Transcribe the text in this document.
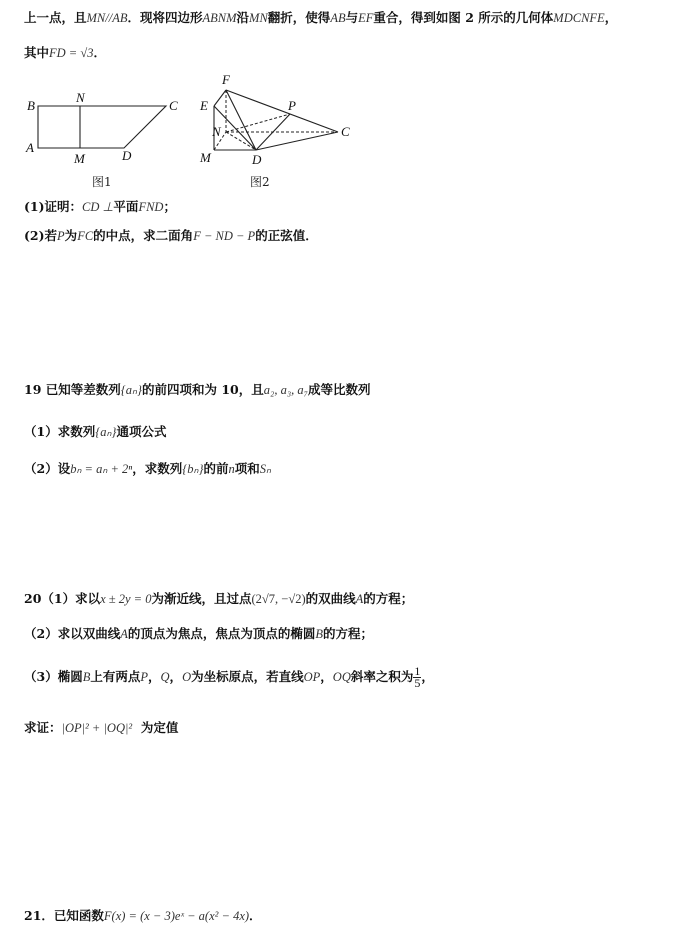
上一点，且MN//AB．现将四边形ABNM沿MN翻折，使得AB与EF重合，得到如图 2 所示的几何体MDCNFE，
其中FD = √3．
B
N
C
A
M	D
图1
F
E	P
N	C
M	D
图2
(1)证明：CD ⊥平面FND；
(2)若P为FC的中点，求二面角F − ND − P的正弦值．
19 已知等差数列{aₙ}的前四项和为 10，且a₂, a₃, a₇成等比数列
（1）求数列{aₙ}通项公式
（2）设bₙ = aₙ + 2ⁿ，求数列{bₙ}的前n项和Sₙ
20（1）求以x ± 2y = 0为渐近线，且过点(2√7, −√2)的双曲线A的方程；
（2）求以双曲线A的顶点为焦点，焦点为顶点的椭圆B的方程；
（3）椭圆B上有两点P，Q，O为坐标原点，若直线OP，OQ斜率之积为 $\frac{1}{5}$ ，
求证：|OP|² + |OQ|² 为定值
21．已知函数F(x) = (x − 3)eˣ − a(x² − 4x)．
